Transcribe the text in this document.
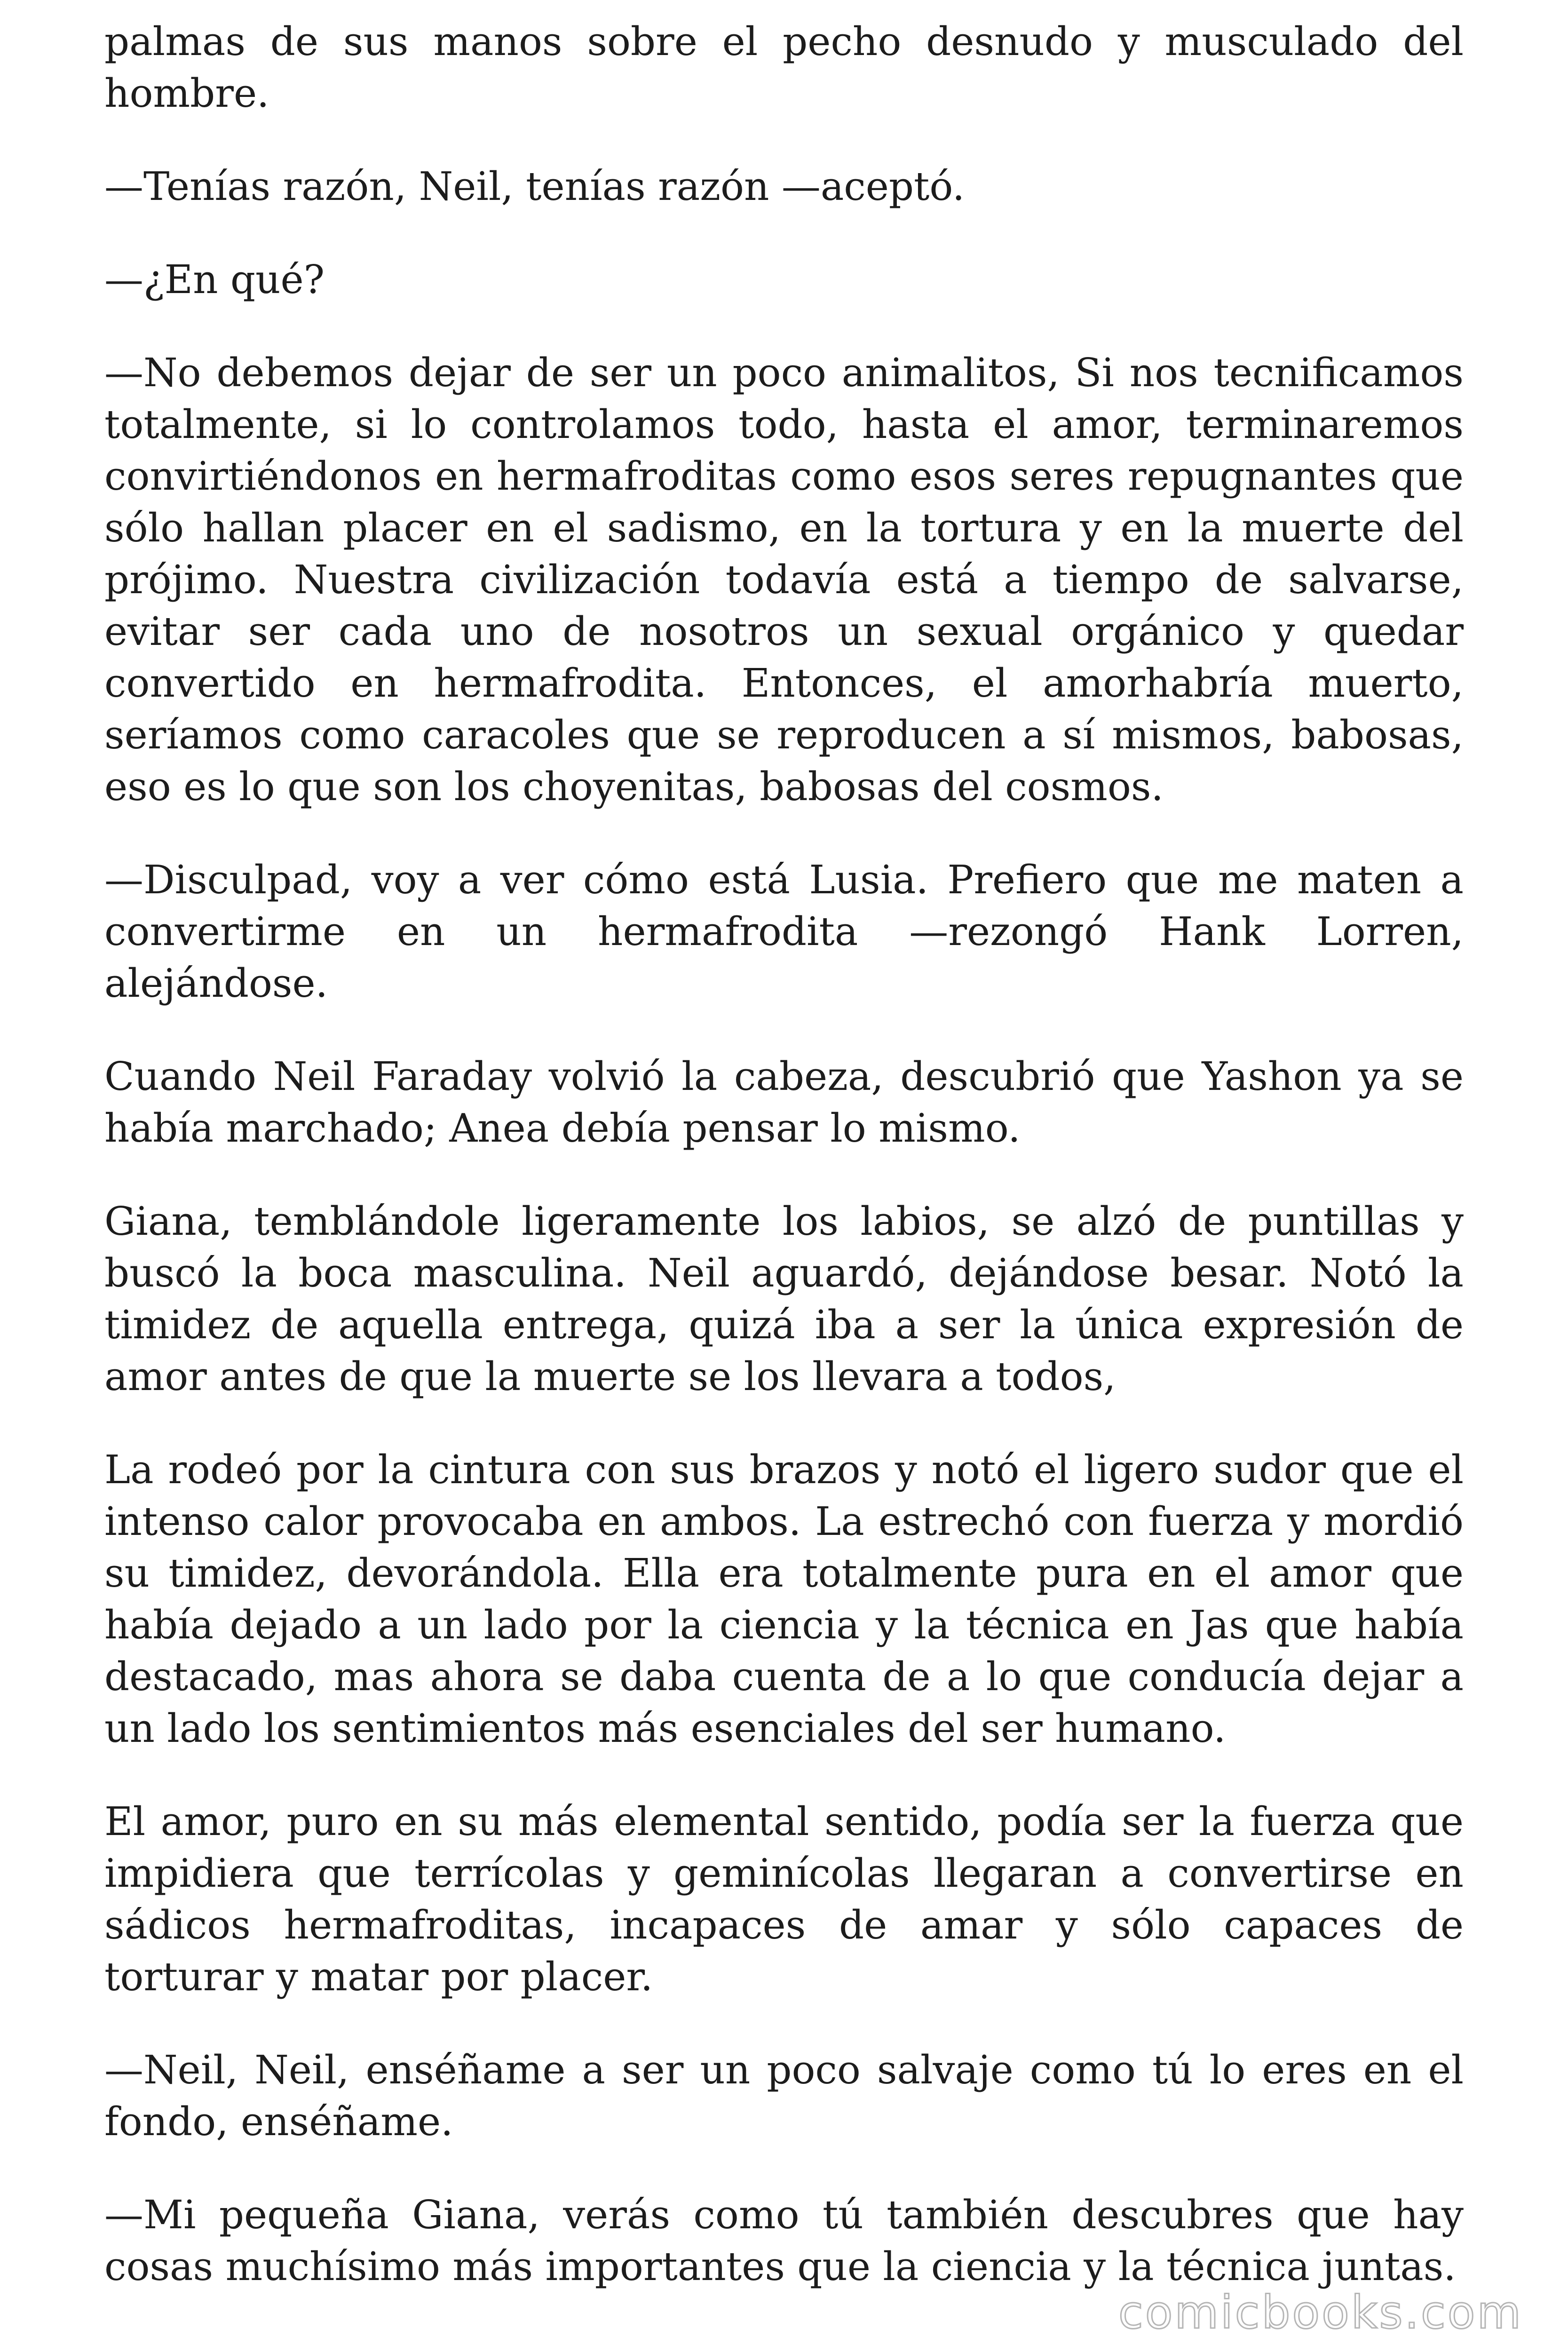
palmas de sus manos sobre el pecho desnudo y musculado del hombre.

—Tenías razón, Neil, tenías razón —aceptó.

—¿En qué?

—No debemos dejar de ser un poco animalitos, Si nos tecnificamos totalmente, si lo controlamos todo, hasta el amor, terminaremos convirtiéndonos en hermafroditas como esos seres repugnantes que sólo hallan placer en el sadismo, en la tortura y en la muerte del prójimo. Nuestra civilización todavía está a tiempo de salvarse, evitar ser cada uno de nosotros un sexual orgánico y quedar convertido en hermafrodita. Entonces, el amorhabría muerto, seríamos como caracoles que se reproducen a sí mismos, babosas, eso es lo que son los choyenitas, babosas del cosmos.

—Disculpad, voy a ver cómo está Lusia. Prefiero que me maten a convertirme en un hermafrodita —rezongó Hank Lorren, alejándose.

Cuando Neil Faraday volvió la cabeza, descubrió que Yashon ya se había marchado; Anea debía pensar lo mismo.

Giana, temblándole ligeramente los labios, se alzó de puntillas y buscó la boca masculina. Neil aguardó, dejándose besar. Notó la timidez de aquella entrega, quizá iba a ser la única expresión de amor antes de que la muerte se los llevara a todos,

La rodeó por la cintura con sus brazos y notó el ligero sudor que el intenso calor provocaba en ambos. La estrechó con fuerza y mordió su timidez, devorándola. Ella era totalmente pura en el amor que había dejado a un lado por la ciencia y la técnica en Jas que había destacado, mas ahora se daba cuenta de a lo que conducía dejar a un lado los sentimientos más esenciales del ser humano.

El amor, puro en su más elemental sentido, podía ser la fuerza que impidiera que terrícolas y geminícolas llegaran a convertirse en sádicos hermafroditas, incapaces de amar y sólo capaces de torturar y matar por placer.

—Neil, Neil, enséñame a ser un poco salvaje como tú lo eres en el fondo, enséñame.

—Mi pequeña Giana, verás como tú también descubres que hay cosas muchísimo más importantes que la ciencia y la técnica juntas.

comicbooks.com
